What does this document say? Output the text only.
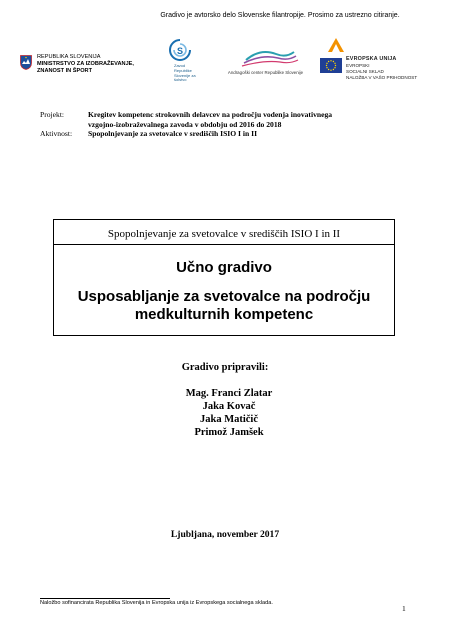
Gradivo je avtorsko delo Slovenske filantropije. Prosimo za ustrezno citiranje.
REPUBLIKA SLOVENIJA
MINISTRSTVO ZA IZOBRAŽEVANJE,
ZNANOST IN ŠPORT
S
Zavod Republike Slovenije za šolstvo
Andragoški center Republike Slovenije
EVROPSKA UNIJA
EVROPSKI
SOCIALNI SKLAD
NALOŽBA V VAŠO PRIHODNOST
Projekt:	Kregitev kompetenc strokovnih delavcev na področju vodenja inovativnega
vzgojno-izobraževalnega zavoda v obdobju od 2016 do 2018
Aktivnost:	Spopolnjevanje za svetovalce v središčih ISIO I in II
Spopolnjevanje za svetovalce v središčih ISIO I in II
Učno gradivo
Usposabljanje za svetovalce na področju medkulturnih kompetenc
Gradivo pripravili:
Mag. Franci Zlatar
Jaka Kovač
Jaka Matičič
Primož Jamšek
Ljubljana, november 2017
Naložbo sofinancirata Republika Slovenija in Evropska unija iz Evropskega socialnega sklada.
1
